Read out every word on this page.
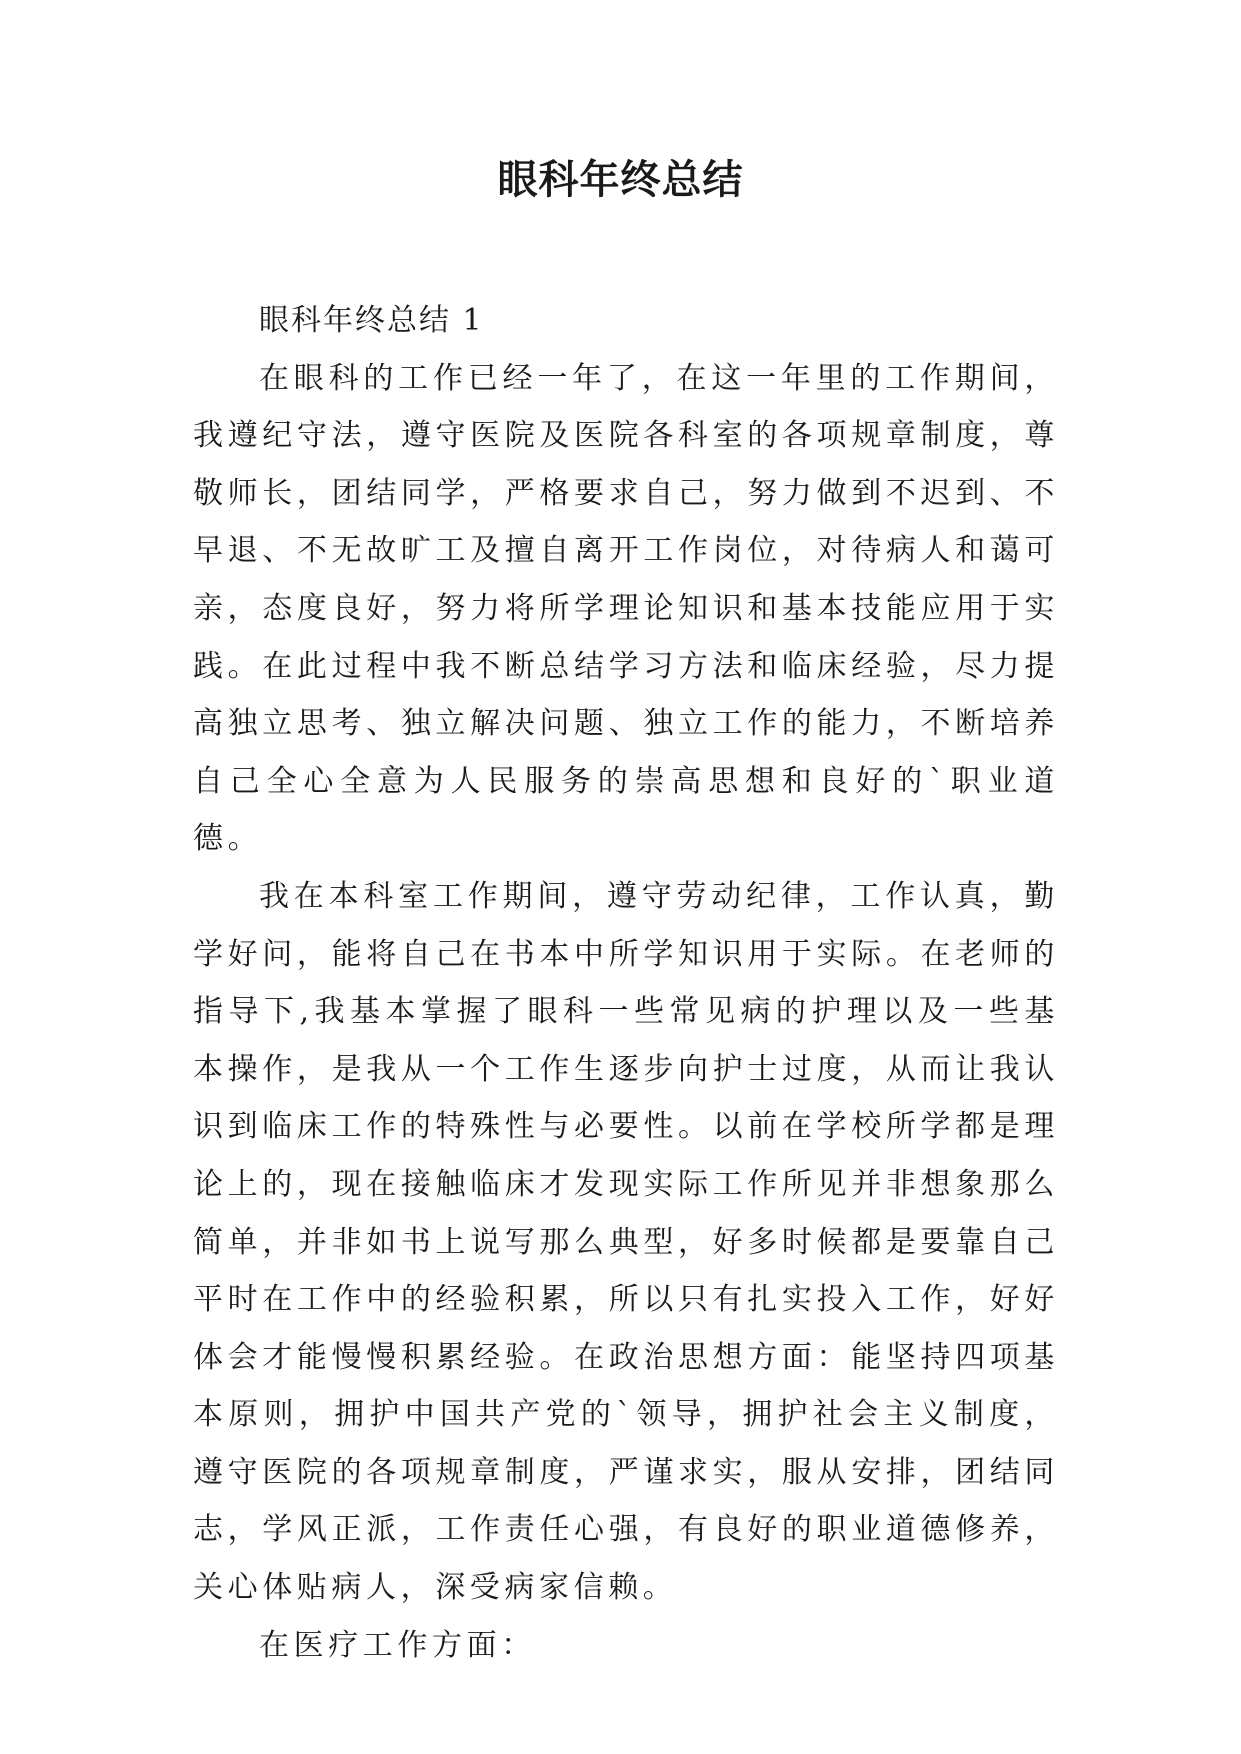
眼科年终总结

眼科年终总结 1

在眼科的工作已经一年了，在这一年里的工作期间，我遵纪守法，遵守医院及医院各科室的各项规章制度，尊敬师长，团结同学，严格要求自己，努力做到不迟到、不早退、不无故旷工及擅自离开工作岗位，对待病人和蔼可亲，态度良好，努力将所学理论知识和基本技能应用于实践。在此过程中我不断总结学习方法和临床经验，尽力提高独立思考、独立解决问题、独立工作的能力，不断培养自己全心全意为人民服务的崇高思想和良好的`职业道德。

我在本科室工作期间，遵守劳动纪律，工作认真，勤学好问，能将自己在书本中所学知识用于实际。在老师的指导下,我基本掌握了眼科一些常见病的护理以及一些基本操作，是我从一个工作生逐步向护士过度，从而让我认识到临床工作的特殊性与必要性。以前在学校所学都是理论上的，现在接触临床才发现实际工作所见并非想象那么简单，并非如书上说写那么典型，好多时候都是要靠自己平时在工作中的经验积累，所以只有扎实投入工作，好好体会才能慢慢积累经验。在政治思想方面：能坚持四项基本原则，拥护中国共产党的`领导，拥护社会主义制度，遵守医院的各项规章制度，严谨求实，服从安排，团结同志，学风正派，工作责任心强，有良好的职业道德修养，关心体贴病人，深受病家信赖。

在医疗工作方面：
